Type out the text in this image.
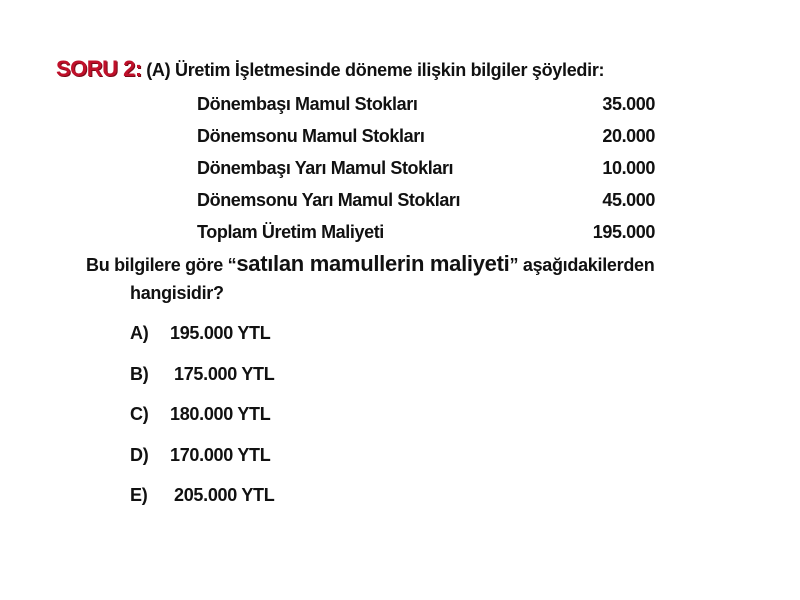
SORU 2: (A) Üretim İşletmesinde döneme ilişkin bilgiler şöyledir:
Dönembaşı Mamul Stokları	35.000
Dönemsonu Mamul Stokları	20.000
Dönembaşı Yarı Mamul Stokları	10.000
Dönemsonu Yarı Mamul Stokları	45.000
Toplam Üretim Maliyeti	195.000
Bu bilgilere göre “satılan mamullerin maliyeti” aşağıdakilerden
hangisidir?
A) 195.000 YTL
B) 175.000 YTL
C) 180.000 YTL
D) 170.000 YTL
E) 205.000 YTL
